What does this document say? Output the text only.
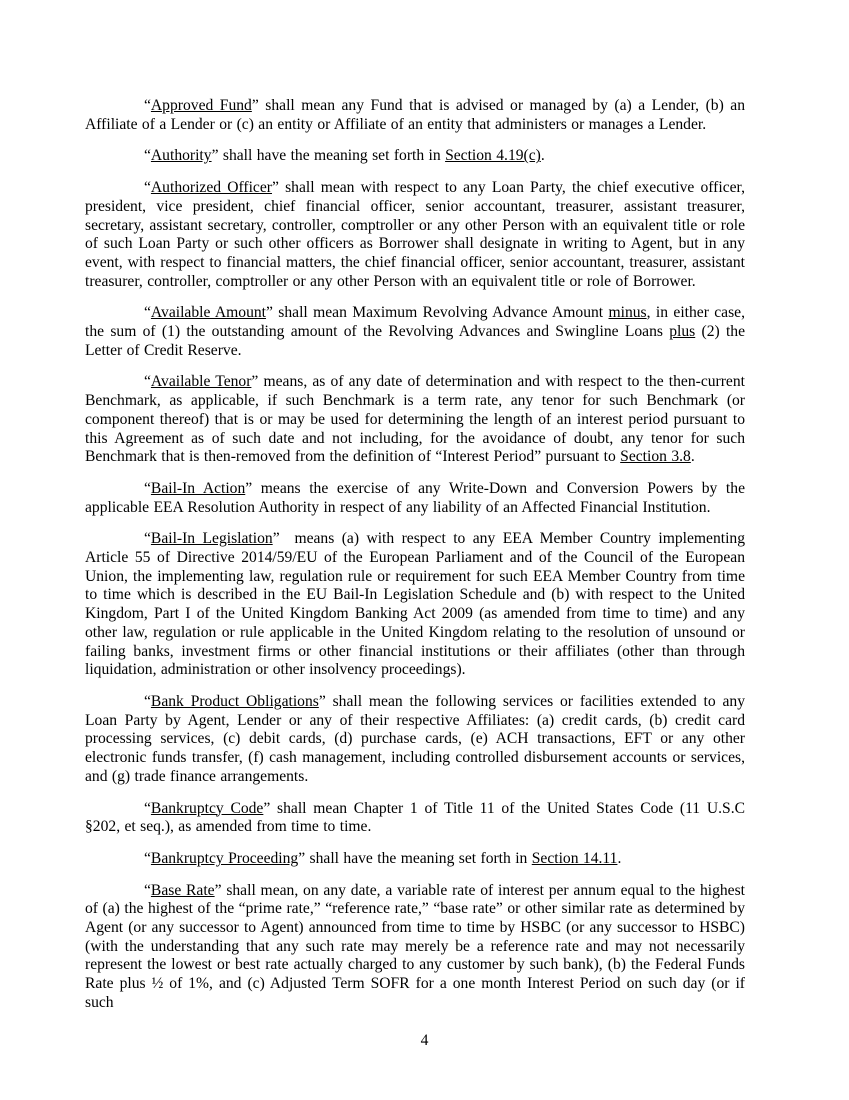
“Approved Fund” shall mean any Fund that is advised or managed by (a) a Lender, (b) an Affiliate of a Lender or (c) an entity or Affiliate of an entity that administers or manages a Lender.

“Authority” shall have the meaning set forth in Section 4.19(c).

“Authorized Officer” shall mean with respect to any Loan Party, the chief executive officer, president, vice president, chief financial officer, senior accountant, treasurer, assistant treasurer, secretary, assistant secretary, controller, comptroller or any other Person with an equivalent title or role of such Loan Party or such other officers as Borrower shall designate in writing to Agent, but in any event, with respect to financial matters, the chief financial officer, senior accountant, treasurer, assistant treasurer, controller, comptroller or any other Person with an equivalent title or role of Borrower.

“Available Amount” shall mean Maximum Revolving Advance Amount minus, in either case, the sum of (1) the outstanding amount of the Revolving Advances and Swingline Loans plus (2) the Letter of Credit Reserve.

“Available Tenor” means, as of any date of determination and with respect to the then-current Benchmark, as applicable, if such Benchmark is a term rate, any tenor for such Benchmark (or component thereof) that is or may be used for determining the length of an interest period pursuant to this Agreement as of such date and not including, for the avoidance of doubt, any tenor for such Benchmark that is then-removed from the definition of “Interest Period” pursuant to Section 3.8.

“Bail-In Action” means the exercise of any Write-Down and Conversion Powers by the applicable EEA Resolution Authority in respect of any liability of an Affected Financial Institution.

“Bail-In Legislation”  means (a) with respect to any EEA Member Country implementing Article 55 of Directive 2014/59/EU of the European Parliament and of the Council of the European Union, the implementing law, regulation rule or requirement for such EEA Member Country from time to time which is described in the EU Bail-In Legislation Schedule and (b) with respect to the United Kingdom, Part I of the United Kingdom Banking Act 2009 (as amended from time to time) and any other law, regulation or rule applicable in the United Kingdom relating to the resolution of unsound or failing banks, investment firms or other financial institutions or their affiliates (other than through liquidation, administration or other insolvency proceedings).

“Bank Product Obligations” shall mean the following services or facilities extended to any Loan Party by Agent, Lender or any of their respective Affiliates: (a) credit cards, (b) credit card processing services, (c) debit cards, (d) purchase cards, (e) ACH transactions, EFT or any other electronic funds transfer, (f) cash management, including controlled disbursement accounts or services, and (g) trade finance arrangements.

“Bankruptcy Code” shall mean Chapter 1 of Title 11 of the United States Code (11 U.S.C §202, et seq.), as amended from time to time.

“Bankruptcy Proceeding” shall have the meaning set forth in Section 14.11.

“Base Rate” shall mean, on any date, a variable rate of interest per annum equal to the highest of (a) the highest of the “prime rate,” “reference rate,” “base rate” or other similar rate as determined by Agent (or any successor to Agent) announced from time to time by HSBC (or any successor to HSBC) (with the understanding that any such rate may merely be a reference rate and may not necessarily represent the lowest or best rate actually charged to any customer by such bank), (b) the Federal Funds Rate plus ½ of 1%, and (c) Adjusted Term SOFR for a one month Interest Period on such day (or if such

4
